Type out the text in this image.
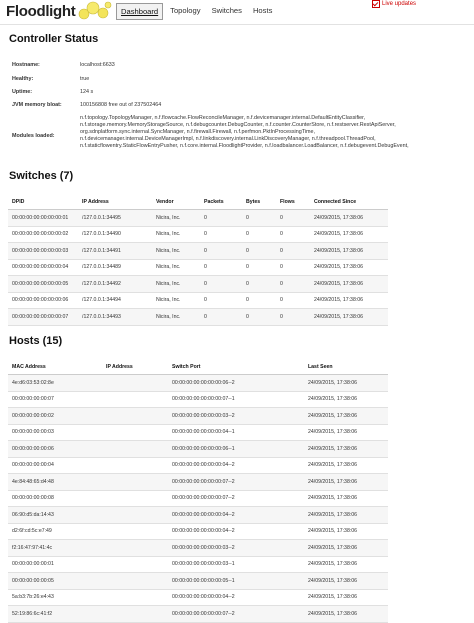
Floodlight	Dashboard	Topology	Switches	Hosts
Live updates
Controller Status
Hostname:	localhost:6633
Healthy:	true
Uptime:	124 s
JVM memory bloat:	100156808 free out of 237502464
Modules loaded:
n.f.topology.TopologyManager, n.f.flowcache.FlowReconcileManager, n.f.devicemanager.internal.DefaultEntityClassifier, n.f.storage.memory.MemoryStorageSource, n.f.debugcounter.DebugCounter, n.f.counter.CounterStore, n.f.restserver.RestApiServer, org.sdnplatform.sync.internal.SyncManager, n.f.firewall.Firewall, n.f.perfmon.PktInProcessingTime, n.f.devicemanager.internal.DeviceManagerImpl, n.f.linkdiscovery.internal.LinkDiscoveryManager, n.f.threadpool.ThreadPool, n.f.staticflowentry.StaticFlowEntryPusher, n.f.core.internal.FloodlightProvider, n.f.loadbalancer.LoadBalancer, n.f.debugevent.DebugEvent,
Switches (7)
DPID	IP Address	Vendor	Packets	Bytes	Flows	Connected Since
00:00:00:00:00:00:00:01	/127.0.0.1:34495	Nicira, Inc.	0	0	0	24/09/2015, 17:38:06
00:00:00:00:00:00:00:02	/127.0.0.1:34490	Nicira, Inc.	0	0	0	24/09/2015, 17:38:06
00:00:00:00:00:00:00:03	/127.0.0.1:34491	Nicira, Inc.	0	0	0	24/09/2015, 17:38:06
00:00:00:00:00:00:00:04	/127.0.0.1:34489	Nicira, Inc.	0	0	0	24/09/2015, 17:38:06
00:00:00:00:00:00:00:05	/127.0.0.1:34492	Nicira, Inc.	0	0	0	24/09/2015, 17:38:06
00:00:00:00:00:00:00:06	/127.0.0.1:34494	Nicira, Inc.	0	0	0	24/09/2015, 17:38:06
00:00:00:00:00:00:00:07	/127.0.0.1:34493	Nicira, Inc.	0	0	0	24/09/2015, 17:38:06
Hosts (15)
MAC Address	IP Address	Switch Port	Last Seen
4e:d6:03:53:02:8e		00:00:00:00:00:00:00:06--2	24/09/2015, 17:38:06
00:00:00:00:00:07		00:00:00:00:00:00:00:07--1	24/09/2015, 17:38:06
00:00:00:00:00:02		00:00:00:00:00:00:00:03--2	24/09/2015, 17:38:06
00:00:00:00:00:03		00:00:00:00:00:00:00:04--1	24/09/2015, 17:38:06
00:00:00:00:00:06		00:00:00:00:00:00:00:06--1	24/09/2015, 17:38:06
00:00:00:00:00:04		00:00:00:00:00:00:00:04--2	24/09/2015, 17:38:06
4e:84:48:65:d4:48		00:00:00:00:00:00:00:07--2	24/09/2015, 17:38:06
00:00:00:00:00:08		00:00:00:00:00:00:00:07--2	24/09/2015, 17:38:06
06:90:d5:da:14:43		00:00:00:00:00:00:00:04--2	24/09/2015, 17:38:06
d2:6f:cd:5c:e7:49		00:00:00:00:00:00:00:04--2	24/09/2015, 17:38:06
f2:16:47:97:41:4c		00:00:00:00:00:00:00:03--2	24/09/2015, 17:38:06
00:00:00:00:00:01		00:00:00:00:00:00:00:03--1	24/09/2015, 17:38:06
00:00:00:00:00:05		00:00:00:00:00:00:00:05--1	24/09/2015, 17:38:06
5a:b3:7b:26:e4:43		00:00:00:00:00:00:00:04--2	24/09/2015, 17:38:06
52:19:86:6c:41:f2		00:00:00:00:00:00:00:07--2	24/09/2015, 17:38:06
